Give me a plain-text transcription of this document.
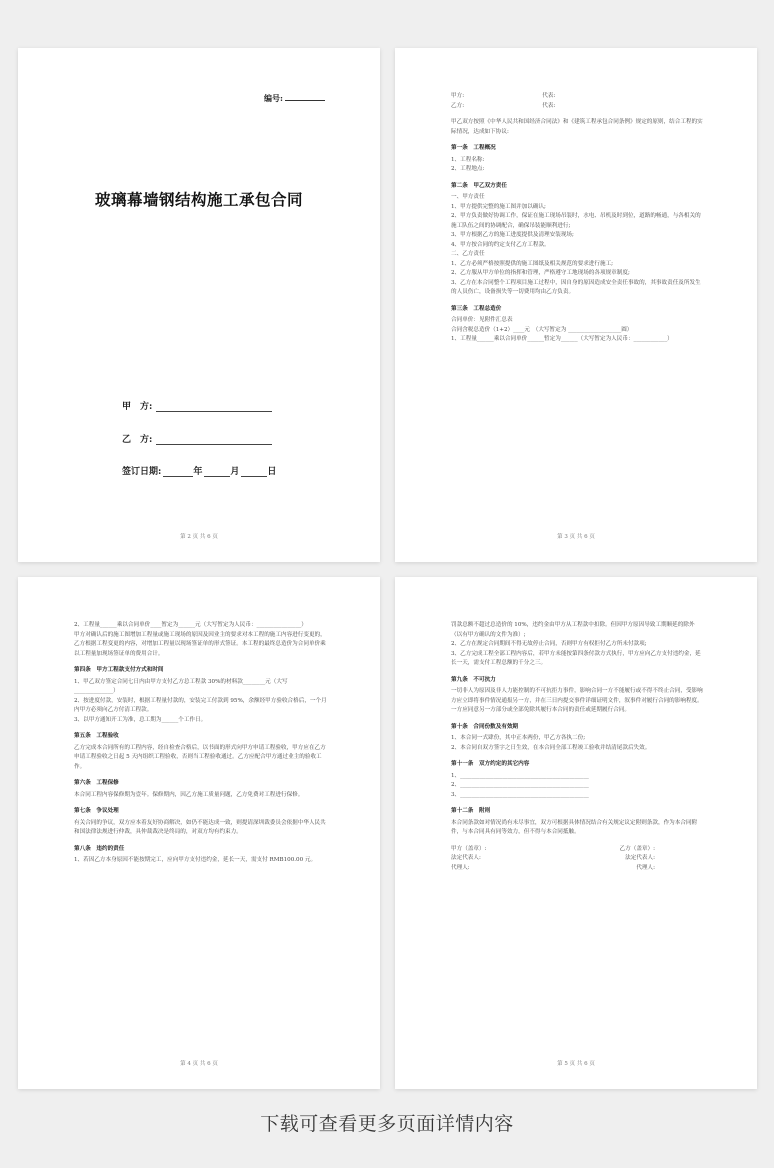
编号:
玻璃幕墙钢结构施工承包合同
甲　方:
乙　方:
签订日期:	年	月	日
第 2 页 共 6 页
甲方:                                            代表:
乙方:                                            代表:
甲乙双方按照《中华人民共和国经济合同法》和《建筑工程承包合同条例》规定的原则，结合工程的实际情况，达成如下协议:
第一条　工程概况
1、工程名称:
2、工程地点:
第二条　甲乙双方责任
一、甲方责任
1、甲方提供完整的施工图并加以确认;
2、甲方负责做好协调工作，保证在施工现场吊装时，水电、吊机及时到位，道路的畅通，与各相关的施工队伍之间的协调配合，确保吊装能顺利进行;
3、甲方根据乙方的施工进度提供及清理安装现场;
4、甲方按合同的约定支付乙方工程款。
二、乙方责任
1、乙方必须严格按照提供的施工图纸及相关规范的要求进行施工;
2、乙方服从甲方单位的指挥和管理，严格遵守工地现场的各项规章制度;
3、乙方在本合同整个工程项目施工过程中，因自身的原因造成安全责任事故的，其事故责任及所发生的人员伤亡，设备损失等一切费用均由乙方负责。
第三条　工程总造价
合同单价：见附件汇总表
合同含税总造价（1+2）____元　（大写暂定为 ___________________圆）
1、工程量______乘以合同单价______暂定为______（大写暂定为人民币：____________）
第 3 页 共 6 页
2、工程量______乘以合同单价____暂定为______元（大写暂定为人民币：________________）
甲方对确认后的施工图增加工程量或施工现场的原因及因业主的要求对本工程的施工内容进行变更的，乙方根据工程变更的内容，对增加工程量以现场签证单的形式签证。本工程的最终总造价为合同单价乘以工程量加现场签证单的费用合计。
第四条　甲方工程款支付方式和时间
1、甲乙双方签定合同七日内由甲方支付乙方总工程款 30%的材料款________元（大写______________）
2、按进度付款，安装时，根据工程量付款的，安装完工付款到 95%，余额经甲方验收合格后，一个月内甲方必须向乙方付清工程款。
3、以甲方通知开工为准，总工期为______个工作日。
第五条　工程验收
乙方完成本合同所有的工程内容，经自检查合格后，以书面的形式向甲方申请工程验收，甲方应在乙方申请工程验收之日起 5 天内组织工程验收，否则当工程验收通过。乙方应配合甲方通过业主的验收工作。
第六条　工程保修
本合同工程内容保修期为壹年。保修期内，因乙方施工质量问题，乙方免费对工程进行保修。
第七条　争议处理
有关合同的争议，双方应本着友好协商解决，如仍不能达成一致，则提请深圳裁委员会依据中华人民共和国法律法规进行仲裁，具仲裁裁决是终局的，对双方均有约束力。
第八条　违约的责任
1、若因乙方本身原因不能按期完工，应向甲方支付违约金，延长一天，需支付 RMB100.00 元。
第 4 页 共 6 页
罚款总额不超过总造价的 10%，违约金由甲方从工程款中扣除。但因甲方原因导致工期顺延的除外（以有甲方确认的文件为准）;
2、乙方在规定合同期间不得无故停止合同，否则甲方有权拒付乙方所未付款项;
3、乙方完成工程全部工程内容后，若甲方未能按第四条付款方式执行，甲方应向乙方支付违约金，延长一天，需支付工程总额的千分之三。
第九条　不可抗力
一切非人为原因及非人力能控制的不可抗拒力事件，影响合同一方不能履行或不得不终止合同，受影响方应立即将事件情况通报另一方，并在三日内提交事件详细证明文件，叙事件对履行合同的影响程度。一方应同意另一方部分或全部免除其履行本合同的责任或延期履行合同。
第十条　合同份数及有效期
1、本合同一式肆份，其中正本两份，甲乙方各执二份;
2、本合同自双方签字之日生效，在本合同全部工程竣工验收并结清尾款后失效。
第十一条　双方约定的其它内容
1、______________________________________________
2、______________________________________________
3、______________________________________________
第十二条　附则
本合同条款如对情况尚有未尽事宜，双方可根据具体情况结合有关规定议定附则条款，作为本合同附件，与本合同具有同等效力，但不得与本合同抵触。
甲方（盖章）:	乙方（盖章）:
法定代表人:	法定代表人:
代理人:	代理人:
第 5 页 共 6 页
下载可查看更多页面详情内容
